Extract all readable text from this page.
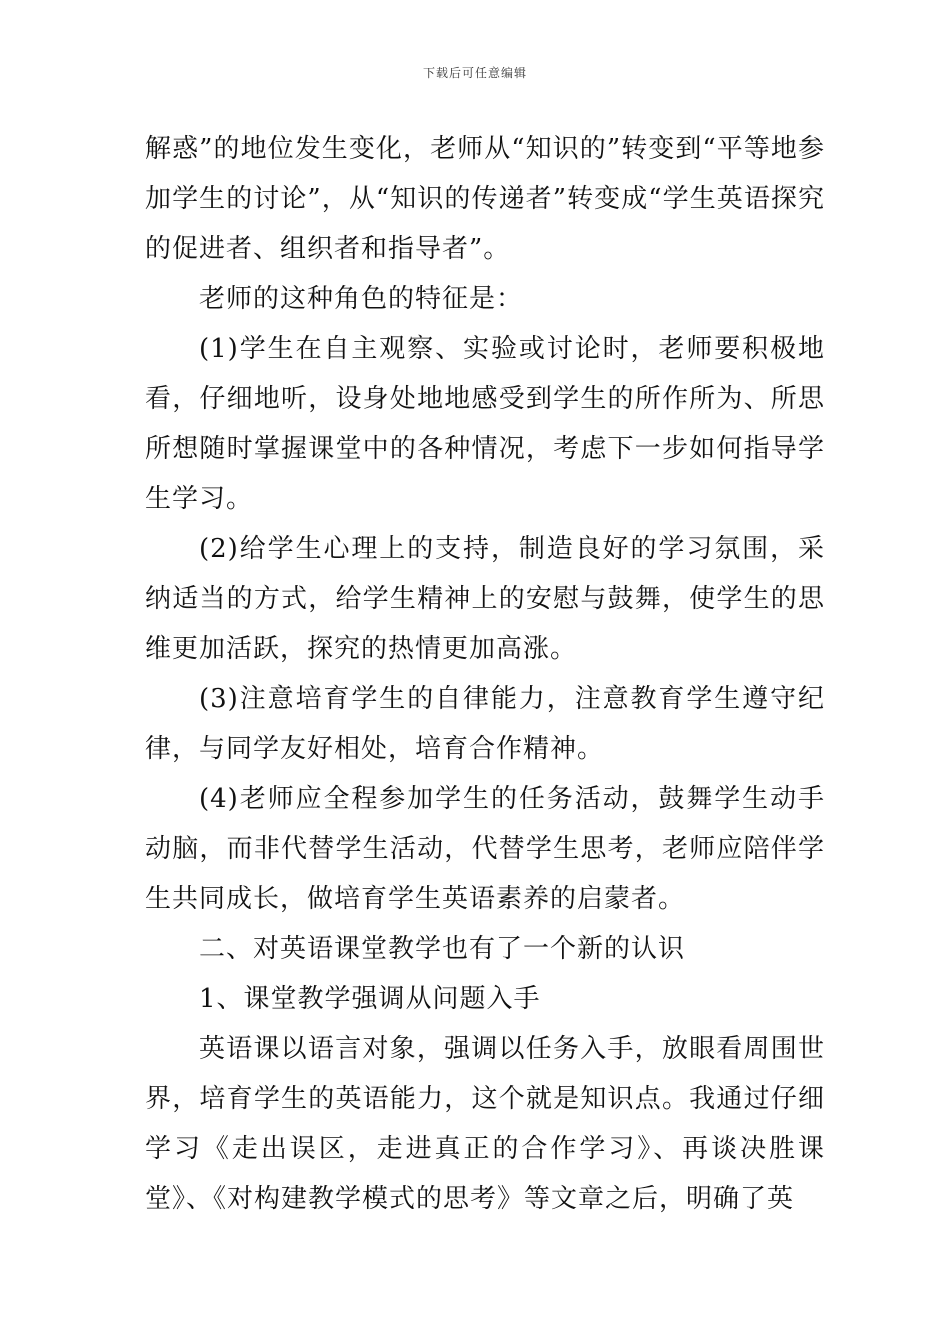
下载后可任意编辑

解惑”的地位发生变化，老师从“知识的”转变到“平等地参加学生的讨论”，从“知识的传递者”转变成“学生英语探究的促进者、组织者和指导者”。

老师的这种角色的特征是：

(1)学生在自主观察、实验或讨论时，老师要积极地看，仔细地听，设身处地地感受到学生的所作所为、所思所想随时掌握课堂中的各种情况，考虑下一步如何指导学生学习。

(2)给学生心理上的支持，制造良好的学习氛围，采纳适当的方式，给学生精神上的安慰与鼓舞，使学生的思维更加活跃，探究的热情更加高涨。

(3)注意培育学生的自律能力，注意教育学生遵守纪律，与同学友好相处，培育合作精神。

(4)老师应全程参加学生的任务活动，鼓舞学生动手动脑，而非代替学生活动，代替学生思考，老师应陪伴学生共同成长，做培育学生英语素养的启蒙者。

二、对英语课堂教学也有了一个新的认识

1、课堂教学强调从问题入手

英语课以语言对象，强调以任务入手，放眼看周围世界，培育学生的英语能力，这个就是知识点。我通过仔细学习《走出误区，走进真正的合作学习》、再谈决胜课堂》、《对构建教学模式的思考》等文章之后，明确了英
